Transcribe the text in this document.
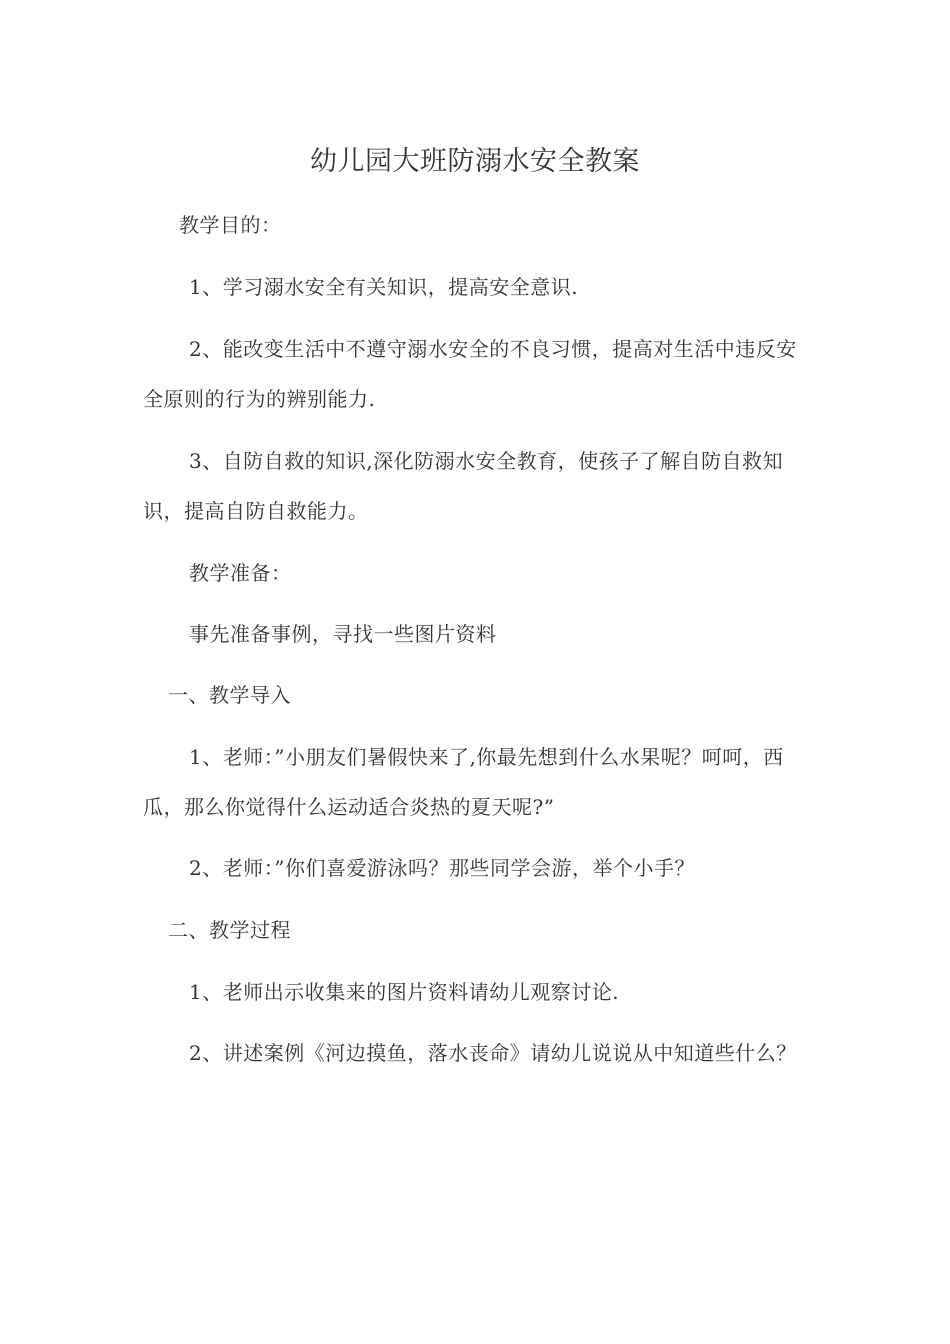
幼儿园大班防溺水安全教案

教学目的：

1、学习溺水安全有关知识，提高安全意识.

2、能改变生活中不遵守溺水安全的不良习惯，提高对生活中违反安全原则的行为的辨别能力.

3、自防自救的知识,深化防溺水安全教育，使孩子了解自防自救知识，提高自防自救能力。

教学准备：

事先准备事例，寻找一些图片资料

一、教学导入

1、老师：”小朋友们暑假快来了,你最先想到什么水果呢？呵呵，西瓜，那么你觉得什么运动适合炎热的夏天呢?”

2、老师：”你们喜爱游泳吗？那些同学会游，举个小手？

二、教学过程

1、老师出示收集来的图片资料请幼儿观察讨论.

2、讲述案例《河边摸鱼，落水丧命》请幼儿说说从中知道些什么？
